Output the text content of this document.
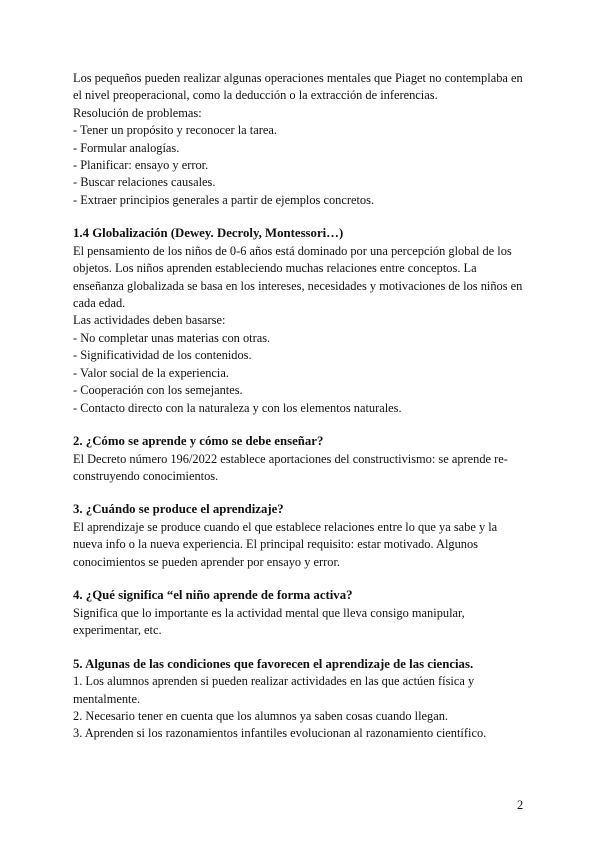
Los pequeños pueden realizar algunas operaciones mentales que Piaget no contemplaba en el nivel preoperacional, como la deducción o la extracción de inferencias.

Resolución de problemas:
- Tener un propósito y reconocer la tarea.
- Formular analogías.
- Planificar: ensayo y error.
- Buscar relaciones causales.
- Extraer principios generales a partir de ejemplos concretos.
1.4 Globalización (Dewey. Decroly, Montessori…)

El pensamiento de los niños de 0-6 años está dominado por una percepción global de los objetos. Los niños aprenden estableciendo muchas relaciones entre conceptos. La enseñanza globalizada se basa en los intereses, necesidades y motivaciones de los niños en cada edad.

Las actividades deben basarse:
- No completar unas materias con otras.
- Significatividad de los contenidos.
- Valor social de la experiencia.
- Cooperación con los semejantes.
- Contacto directo con la naturaleza y con los elementos naturales.
2. ¿Cómo se aprende y cómo se debe enseñar?

El Decreto número 196/2022 establece aportaciones del constructivismo: se aprende re-construyendo conocimientos.

3. ¿Cuándo se produce el aprendizaje?

El aprendizaje se produce cuando el que establece relaciones entre lo que ya sabe y la nueva info o la nueva experiencia. El principal requisito: estar motivado. Algunos conocimientos se pueden aprender por ensayo y error.

4. ¿Qué significa “el niño aprende de forma activa?

Significa que lo importante es la actividad mental que lleva consigo manipular, experimentar, etc.

5. Algunas de las condiciones que favorecen el aprendizaje de las ciencias.

1. Los alumnos aprenden si pueden realizar actividades en las que actúen física y mentalmente.

2. Necesario tener en cuenta que los alumnos ya saben cosas cuando llegan.
3. Aprenden si los razonamientos infantiles evolucionan al razonamiento científico.
2
